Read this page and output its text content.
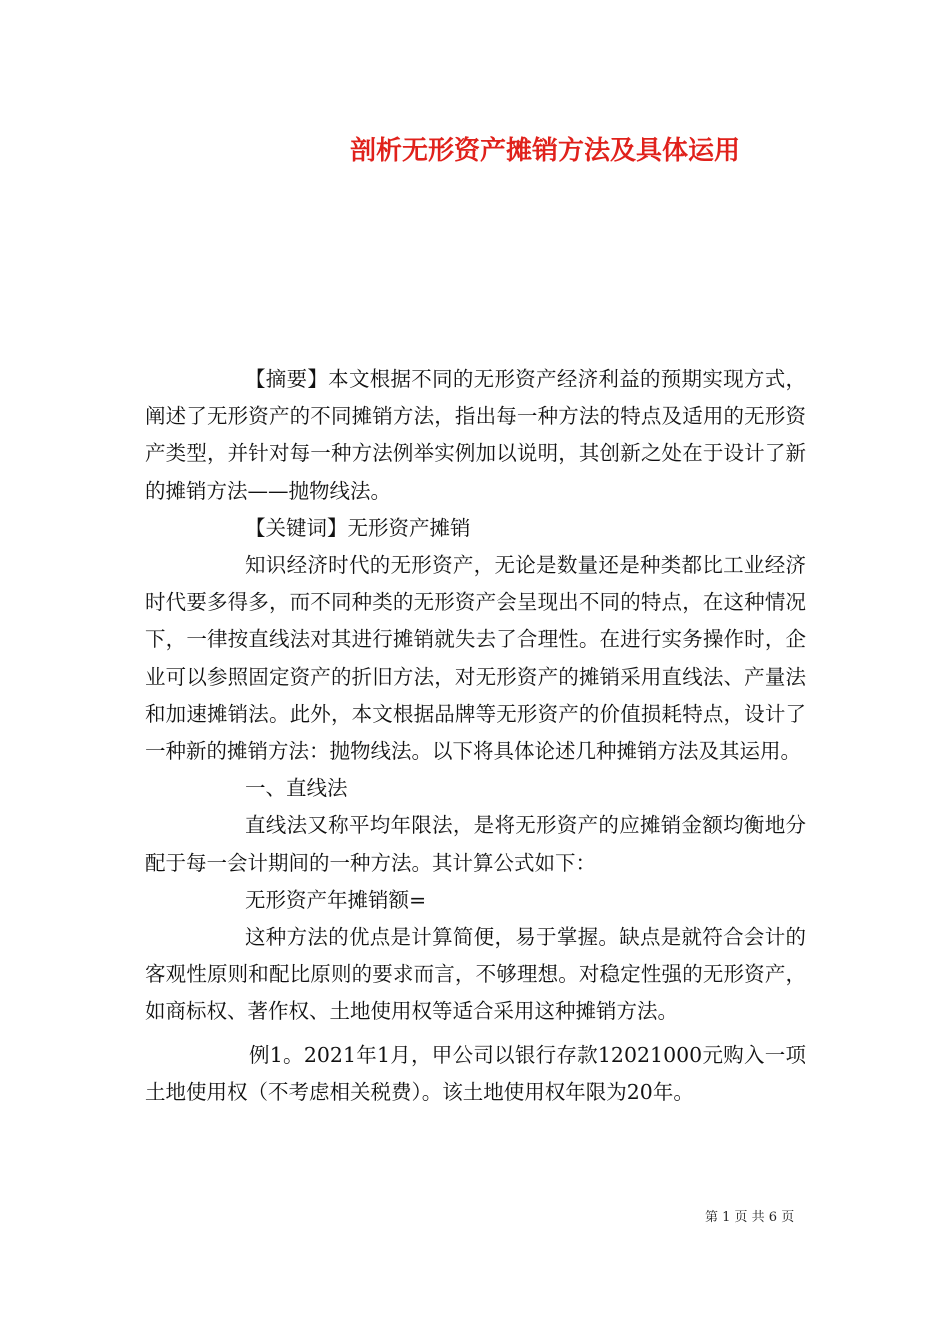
剖析无形资产摊销方法及具体运用

【摘要】本文根据不同的无形资产经济利益的预期实现方式，阐述了无形资产的不同摊销方法，指出每一种方法的特点及适用的无形资产类型，并针对每一种方法例举实例加以说明，其创新之处在于设计了新的摊销方法——抛物线法。

【关键词】无形资产摊销

知识经济时代的无形资产，无论是数量还是种类都比工业经济时代要多得多，而不同种类的无形资产会呈现出不同的特点，在这种情况下，一律按直线法对其进行摊销就失去了合理性。在进行实务操作时，企业可以参照固定资产的折旧方法，对无形资产的摊销采用直线法、产量法和加速摊销法。此外，本文根据品牌等无形资产的价值损耗特点，设计了一种新的摊销方法：抛物线法。以下将具体论述几种摊销方法及其运用。

一、直线法

直线法又称平均年限法，是将无形资产的应摊销金额均衡地分配于每一会计期间的一种方法。其计算公式如下：

无形资产年摊销额=

这种方法的优点是计算简便，易于掌握。缺点是就符合会计的客观性原则和配比原则的要求而言，不够理想。对稳定性强的无形资产，如商标权、著作权、土地使用权等适合采用这种摊销方法。

例1。2021年1月，甲公司以银行存款12021000元购入一项土地使用权（不考虑相关税费）。该土地使用权年限为20年。

第 1 页 共 6 页
